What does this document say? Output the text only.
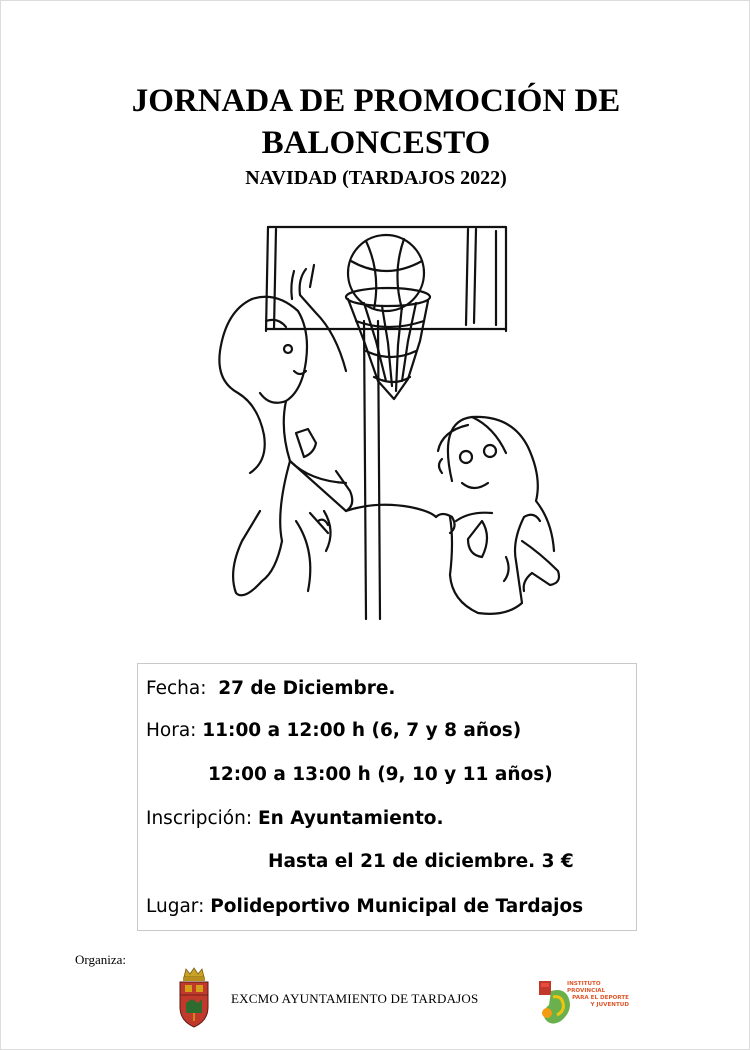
JORNADA DE PROMOCIÓN DE
BALONCESTO
NAVIDAD (TARDAJOS 2022)
Fecha: 27 de Diciembre.
Hora: 11:00 a 12:00 h (6, 7 y 8 años)
12:00 a 13:00 h (9, 10 y 11 años)
Inscripción: En Ayuntamiento.
Hasta el 21 de diciembre. 3 €
Lugar: Polideportivo Municipal de Tardajos
Organiza:
EXCMO AYUNTAMIENTO DE TARDAJOS
INSTITUTO PROVINCIAL
PARA EL DEPORTE
Y JUVENTUD
